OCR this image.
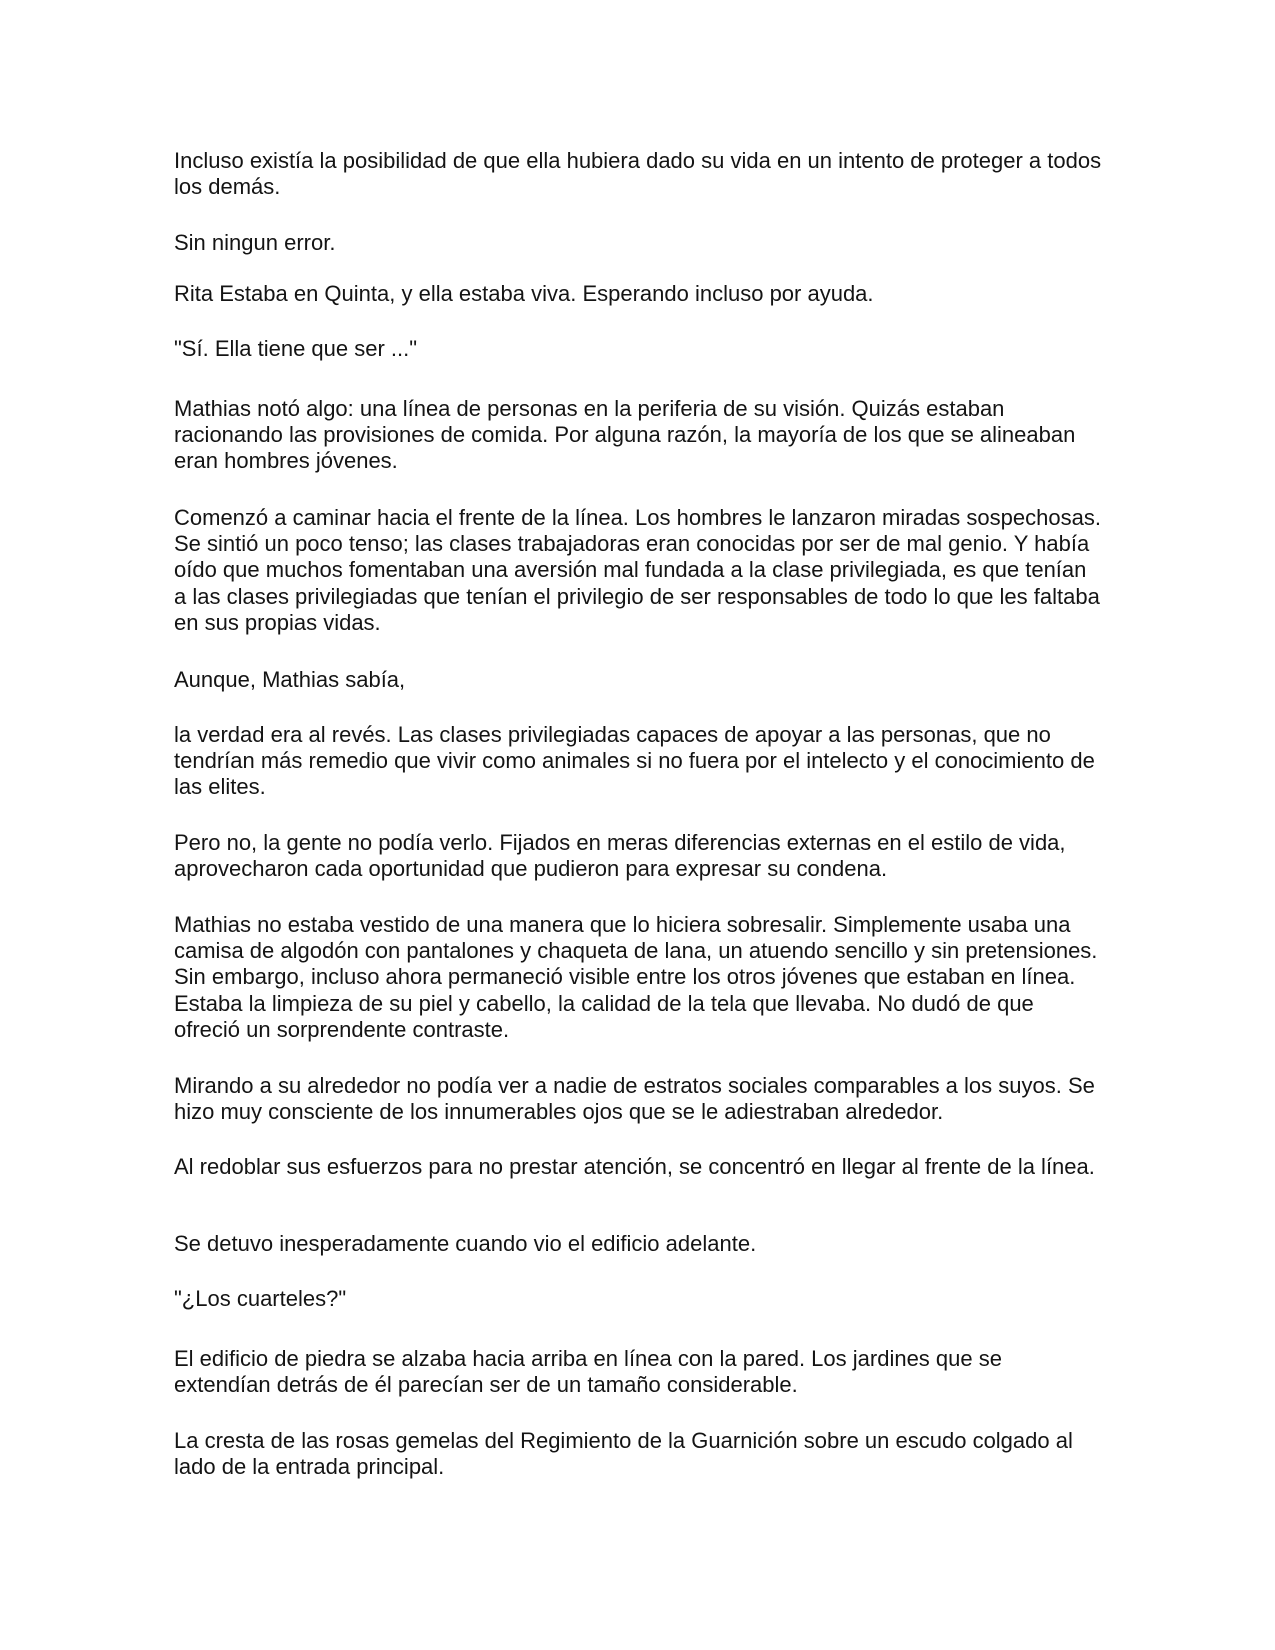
Incluso existía la posibilidad de que ella hubiera dado su vida en un intento de proteger a todos los demás.

Sin ningun error.

Rita Estaba en Quinta, y ella estaba viva. Esperando incluso por ayuda.

"Sí. Ella tiene que ser ..."

Mathias notó algo: una línea de personas en la periferia de su visión. Quizás estaban racionando las provisiones de comida. Por alguna razón, la mayoría de los que se alineaban eran hombres jóvenes.

Comenzó a caminar hacia el frente de la línea. Los hombres le lanzaron miradas sospechosas. Se sintió un poco tenso; las clases trabajadoras eran conocidas por ser de mal genio. Y había oído que muchos fomentaban una aversión mal fundada a la clase privilegiada, es que tenían a las clases privilegiadas que tenían el privilegio de ser responsables de todo lo que les faltaba en sus propias vidas.

Aunque, Mathias sabía,

la verdad era al revés. Las clases privilegiadas capaces de apoyar a las personas, que no tendrían más remedio que vivir como animales si no fuera por el intelecto y el conocimiento de las elites.

Pero no, la gente no podía verlo. Fijados en meras diferencias externas en el estilo de vida, aprovecharon cada oportunidad que pudieron para expresar su condena.

Mathias no estaba vestido de una manera que lo hiciera sobresalir. Simplemente usaba una camisa de algodón con pantalones y chaqueta de lana, un atuendo sencillo y sin pretensiones. Sin embargo, incluso ahora permaneció visible entre los otros jóvenes que estaban en línea. Estaba la limpieza de su piel y cabello, la calidad de la tela que llevaba. No dudó de que ofreció un sorprendente contraste.

Mirando a su alrededor no podía ver a nadie de estratos sociales comparables a los suyos. Se hizo muy consciente de los innumerables ojos que se le adiestraban alrededor.

Al redoblar sus esfuerzos para no prestar atención, se concentró en llegar al frente de la línea.

Se detuvo inesperadamente cuando vio el edificio adelante.

"¿Los cuarteles?"

El edificio de piedra se alzaba hacia arriba en línea con la pared. Los jardines que se extendían detrás de él parecían ser de un tamaño considerable.

La cresta de las rosas gemelas del Regimiento de la Guarnición sobre un escudo colgado al lado de la entrada principal.
